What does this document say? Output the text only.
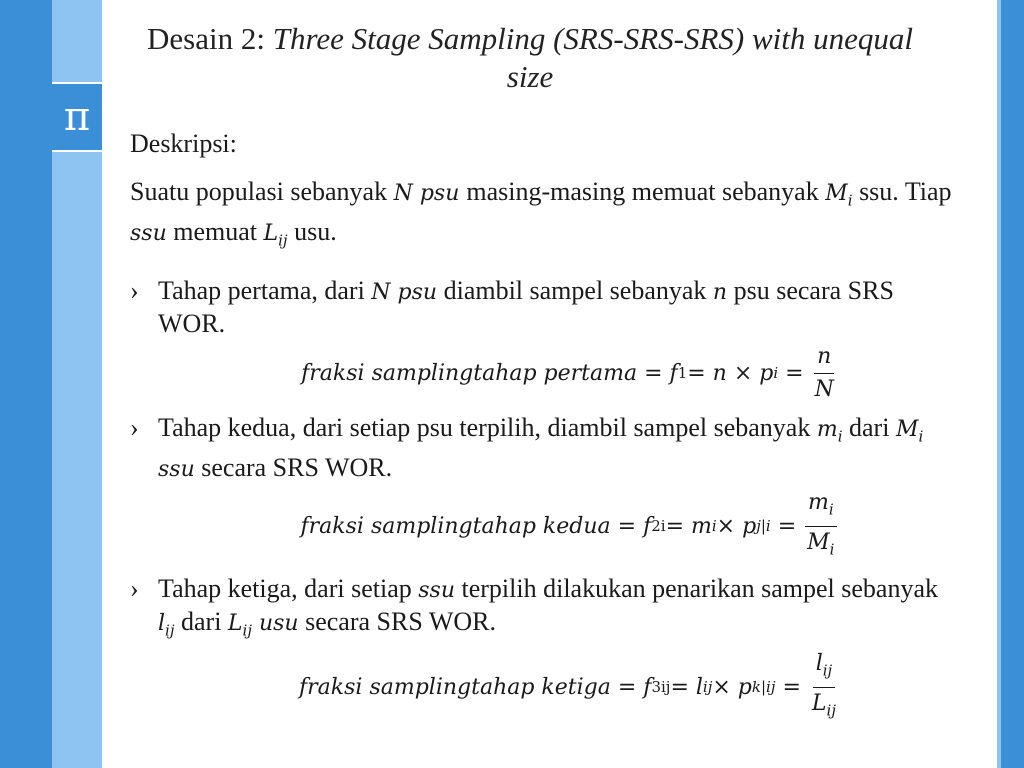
π
Desain 2: Three Stage Sampling (SRS-SRS-SRS) with unequal size

Deskripsi:

Suatu populasi sebanyak N psu masing-masing memuat sebanyak $M_i$ ssu. Tiap ssu memuat $L_{ij}$ usu.

› Tahap pertama, dari N psu diambil sampel sebanyak n psu secara SRS WOR.

fraksi samplingtahap pertama = f 1 = n × p $i = \frac{n}{N}$
› Tahap kedua, dari setiap psu terpilih, diambil sampel sebanyak $m_i$ dari $M_i$ ssu secara SRS WOR.

fraksi samplingtahap kedua = f 2i = m i × p $j|i = \frac{m_i}{M_i}$
› Tahap ketiga, dari setiap ssu terpilih dilakukan penarikan sampel sebanyak $l_{ij}$ dari $L_{ij}$ usu secara SRS WOR.

fraksi samplingtahap ketiga = f 3ij = l ij × p $k|ij = \frac{l_{ij}}{L_{ij}}$
